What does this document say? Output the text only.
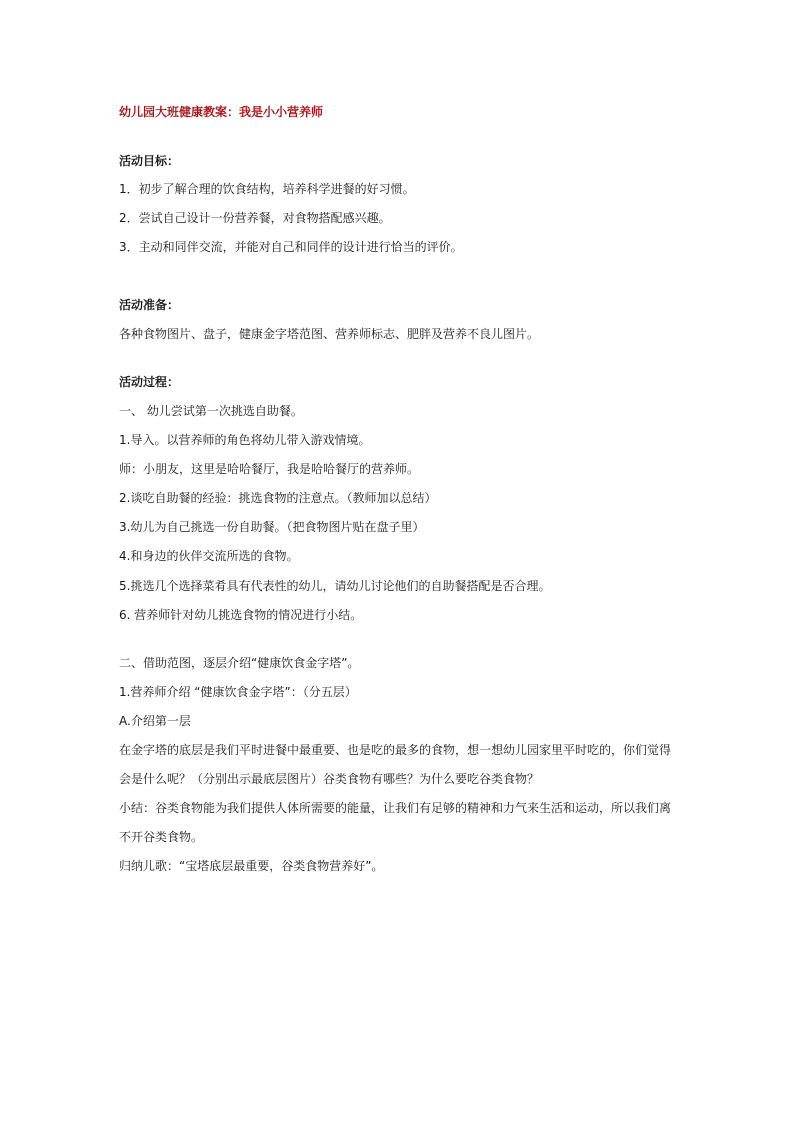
幼儿园大班健康教案：我是小小营养师
活动目标：
1．初步了解合理的饮食结构，培养科学进餐的好习惯。
2．尝试自己设计一份营养餐，对食物搭配感兴趣。
3．主动和同伴交流，并能对自己和同伴的设计进行恰当的评价。
活动准备：
各种食物图片、盘子，健康金字塔范图、营养师标志、肥胖及营养不良儿图片。
活动过程：
一、 幼儿尝试第一次挑选自助餐。
1.导入。以营养师的角色将幼儿带入游戏情境。
师：小朋友，这里是哈哈餐厅，我是哈哈餐厅的营养师。
2.谈吃自助餐的经验：挑选食物的注意点。（教师加以总结）
3.幼儿为自己挑选一份自助餐。（把食物图片贴在盘子里）
4.和身边的伙伴交流所选的食物。
5.挑选几个选择菜肴具有代表性的幼儿，请幼儿讨论他们的自助餐搭配是否合理。
6. 营养师针对幼儿挑选食物的情况进行小结。
二、借助范图，逐层介绍“健康饮食金字塔”。
1.营养师介绍 “健康饮食金字塔”：（分五层）
A.介绍第一层
在金字塔的底层是我们平时进餐中最重要、也是吃的最多的食物，想一想幼儿园家里平时吃的，你们觉得
会是什么呢？（分别出示最底层图片）谷类食物有哪些？为什么要吃谷类食物？
小结：谷类食物能为我们提供人体所需要的能量，让我们有足够的精神和力气来生活和运动，所以我们离
不开谷类食物。
归纳儿歌：“宝塔底层最重要，谷类食物营养好”。
